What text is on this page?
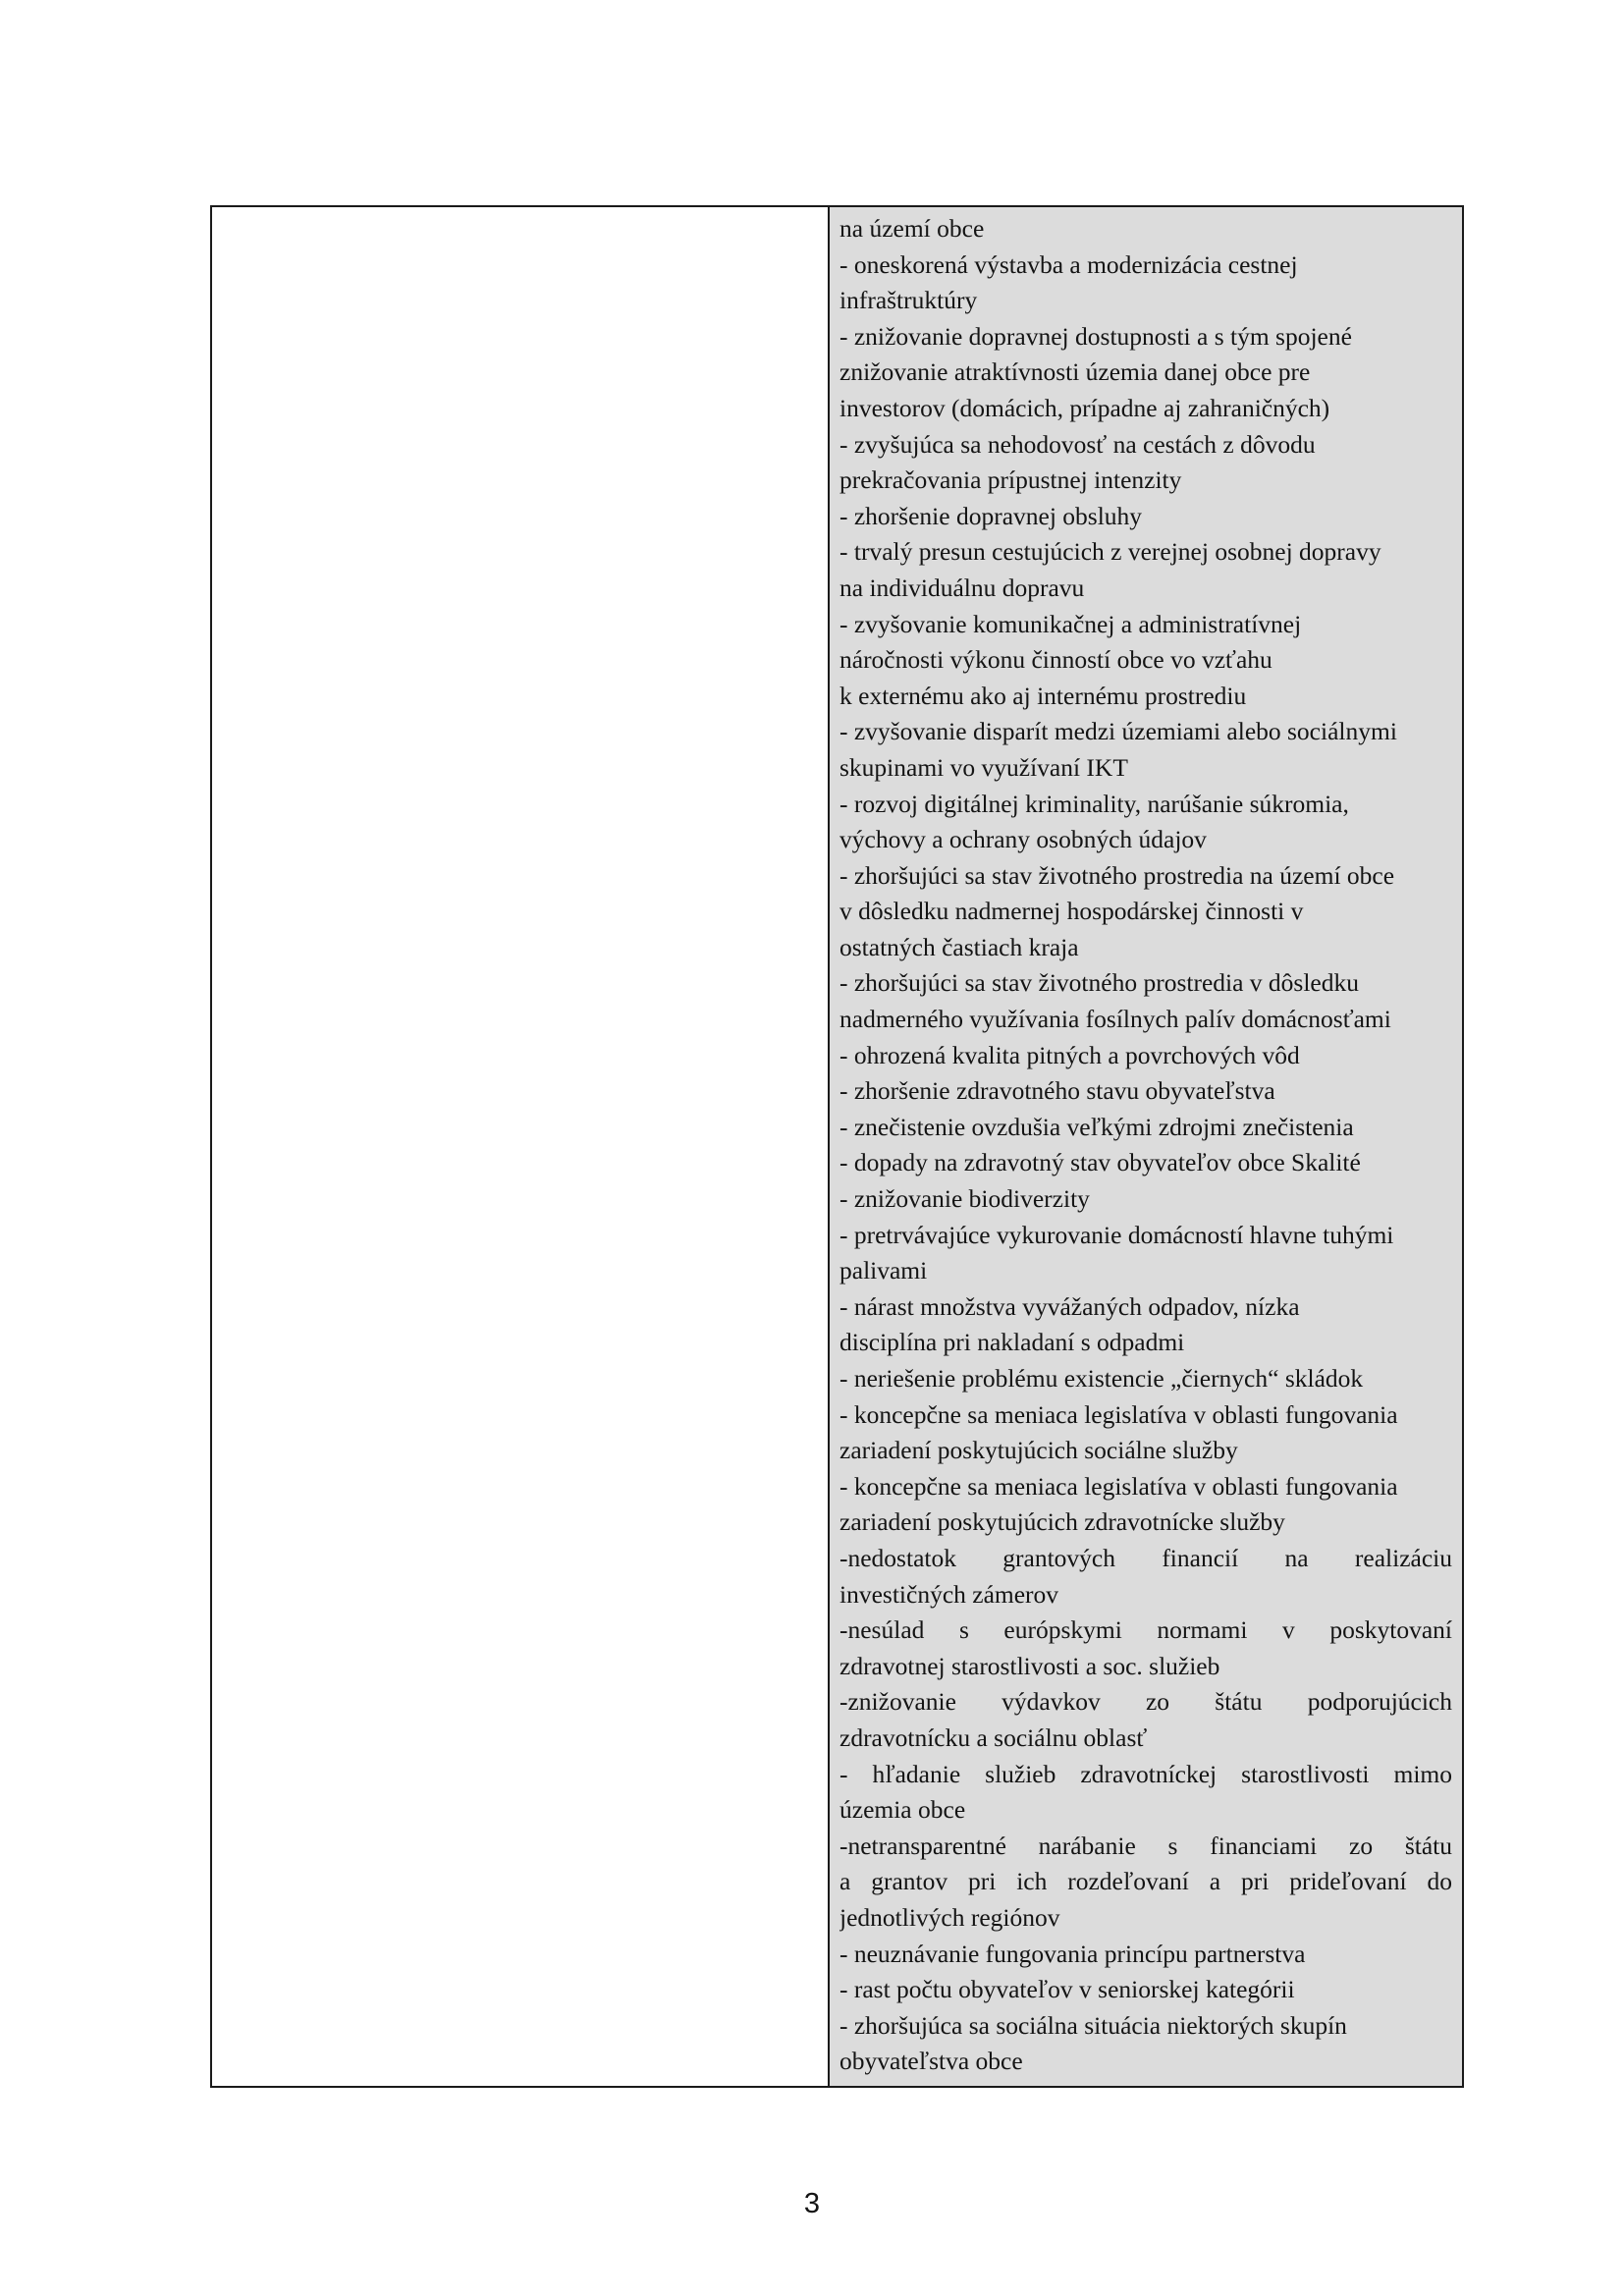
na území obce
- oneskorená výstavba a modernizácia cestnej
infraštruktúry
- znižovanie dopravnej dostupnosti a s tým spojené
znižovanie atraktívnosti územia danej obce pre
investorov (domácich, prípadne aj zahraničných)
- zvyšujúca sa nehodovosť na cestách z dôvodu
prekračovania prípustnej intenzity
- zhoršenie dopravnej obsluhy
- trvalý presun cestujúcich z verejnej osobnej dopravy
na individuálnu dopravu
- zvyšovanie komunikačnej a administratívnej
náročnosti výkonu činností obce vo vzťahu
k externému ako aj internému prostrediu
- zvyšovanie disparít medzi územiami alebo sociálnymi
skupinami vo využívaní IKT
- rozvoj digitálnej kriminality, narúšanie súkromia,
výchovy a ochrany osobných údajov
- zhoršujúci sa stav životného prostredia na území obce
v dôsledku nadmernej hospodárskej činnosti v
ostatných častiach kraja
- zhoršujúci sa stav životného prostredia v dôsledku
nadmerného využívania fosílnych palív domácnosťami
- ohrozená kvalita pitných a povrchových vôd
- zhoršenie zdravotného stavu obyvateľstva
- znečistenie ovzdušia veľkými zdrojmi znečistenia
- dopady na zdravotný stav obyvateľov obce Skalité
- znižovanie biodiverzity
- pretrvávajúce vykurovanie domácností hlavne tuhými
palivami
- nárast množstva vyvážaných odpadov, nízka
disciplína pri nakladaní s odpadmi
- neriešenie problému existencie „čiernych“ skládok
- koncepčne sa meniaca legislatíva v oblasti fungovania
zariadení poskytujúcich sociálne služby
- koncepčne sa meniaca legislatíva v oblasti fungovania
zariadení poskytujúcich zdravotnícke služby
-nedostatok grantových financií na realizáciu
investičných zámerov
-nesúlad s európskymi normami v poskytovaní
zdravotnej starostlivosti a soc. služieb
-znižovanie výdavkov zo štátu podporujúcich
zdravotnícku a sociálnu oblasť
- hľadanie služieb zdravotníckej starostlivosti mimo
územia obce
-netransparentné narábanie s financiami zo štátu
a grantov pri ich rozdeľovaní a pri prideľovaní do
jednotlivých regiónov
- neuznávanie fungovania princípu partnerstva
- rast počtu obyvateľov v seniorskej kategórii
- zhoršujúca sa sociálna situácia niektorých skupín
obyvateľstva obce
3
